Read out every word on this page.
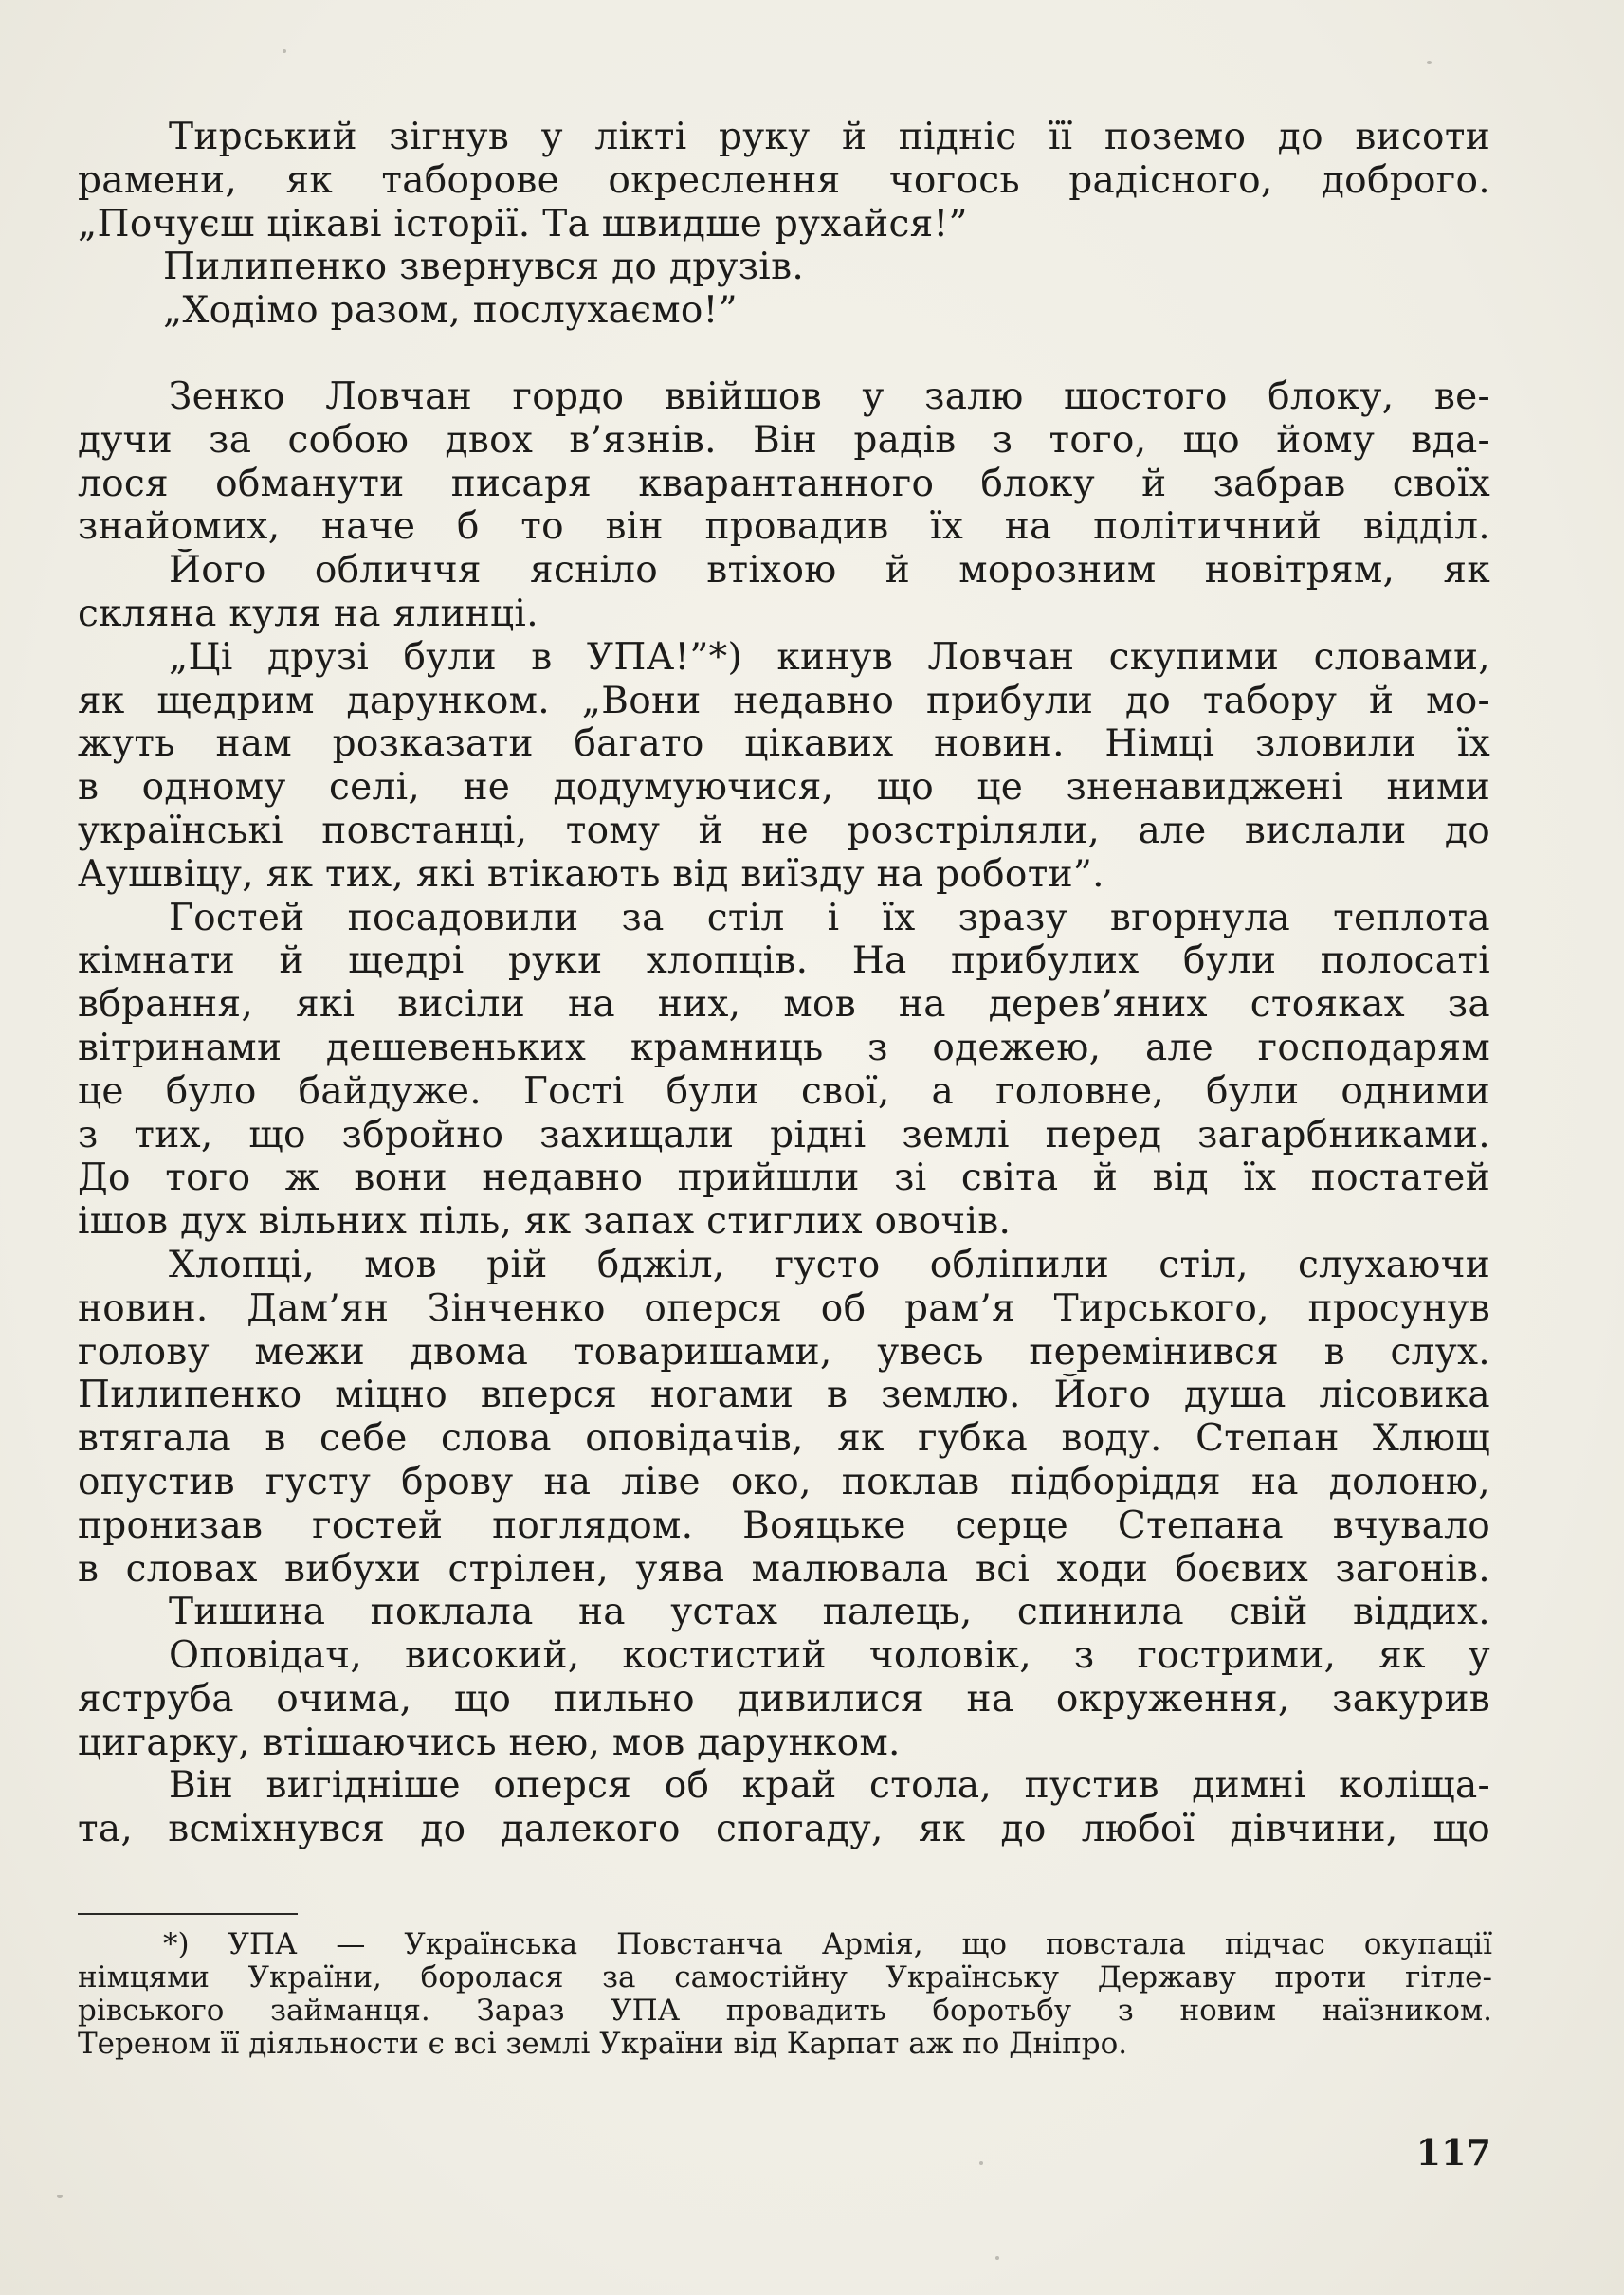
Тирський зігнув у лікті руку й підніс її поземо до висоти
рамени, як таборове окреслення чогось радісного, доброго.
„Почуєш цікаві історії. Та швидше рухайся!”
Пилипенко звернувся до друзів.
„Ходімо разом, послухаємо!”
Зенко Ловчан гордо ввійшов у залю шостого блоку, ве-
дучи за собою двох в’язнів. Він радів з того, що йому вда-
лося обманути писаря кварантанного блоку й забрав своїх
знайомих, наче б то він провадив їх на політичний відділ.
Його обличчя ясніло втіхою й морозним новітрям, як
скляна куля на ялинці.
„Ці друзі були в УПА!”*) кинув Ловчан скупими словами,
як щедрим дарунком. „Вони недавно прибули до табору й мо-
жуть нам розказати багато цікавих новин. Німці зловили їх
в одному селі, не додумуючися, що це зненавиджені ними
українські повстанці, тому й не розстріляли, але вислали до
Аушвіцу, як тих, які втікають від виїзду на роботи”.
Гостей посадовили за стіл і їх зразу вгорнула теплота
кімнати й щедрі руки хлопців. На прибулих були полосаті
вбрання, які висіли на них, мов на дерев’яних стояках за
вітринами дешевеньких крамниць з одежею, але господарям
це було байдуже. Гості були свої, а головне, були одними
з тих, що збройно захищали рідні землі перед загарбниками.
До того ж вони недавно прийшли зі світа й від їх постатей
ішов дух вільних піль, як запах стиглих овочів.
Хлопці, мов рій бджіл, густо обліпили стіл, слухаючи
новин. Дам’ян Зінченко оперся об рам’я Тирського, просунув
голову межи двома товаришами, увесь перемінився в слух.
Пилипенко міцно вперся ногами в землю. Його душа лісовика
втягала в себе слова оповідачів, як губка воду. Степан Хлющ
опустив густу брову на ліве око, поклав підборіддя на долоню,
пронизав гостей поглядом. Вояцьке серце Степана вчувало
в словах вибухи стрілен, уява малювала всі ходи боєвих загонів.
Тишина поклала на устах палець, спинила свій віддих.
Оповідач, високий, костистий чоловік, з гострими, як у
яструба очима, що пильно дивилися на окруження, закурив
цигарку, втішаючись нею, мов дарунком.
Він вигідніше оперся об край стола, пустив димні коліща-
та, всміхнувся до далекого спогаду, як до любої дівчини, що
*) УПА — Українська Повстанча Армія, що повстала підчас окупації
німцями України, боролася за самостійну Українську Державу проти гітле-
рівського займанця. Зараз УПА провадить боротьбу з новим наїзником.
Тереном її діяльности є всі землі України від Карпат аж по Дніпро.
117
